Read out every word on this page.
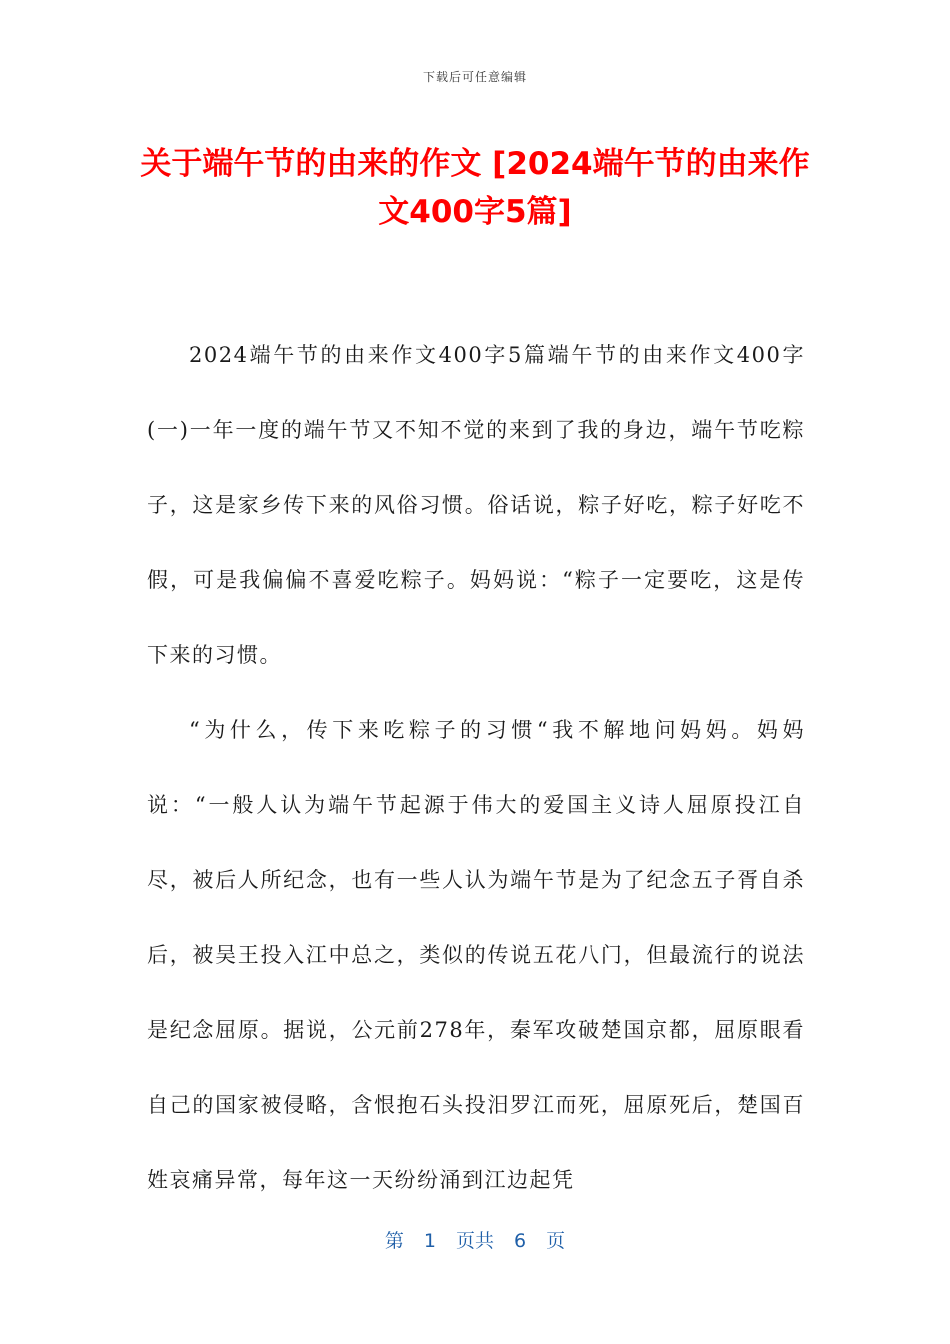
下载后可任意编辑
关于端午节的由来的作文 [2024端午节的由来作文400字5篇]

2024端午节的由来作文400字5篇端午节的由来作文400字(一)一年一度的端午节又不知不觉的来到了我的身边，端午节吃粽子，这是家乡传下来的风俗习惯。俗话说，粽子好吃，粽子好吃不假，可是我偏偏不喜爱吃粽子。妈妈说：“粽子一定要吃，这是传下来的习惯。

“为什么，传下来吃粽子的习惯“我不解地问妈妈。妈妈说：“一般人认为端午节起源于伟大的爱国主义诗人屈原投江自尽，被后人所纪念，也有一些人认为端午节是为了纪念五子胥自杀后，被吴王投入江中总之，类似的传说五花八门，但最流行的说法是纪念屈原。据说，公元前278年，秦军攻破楚国京都，屈原眼看自己的国家被侵略，含恨抱石头投汨罗江而死，屈原死后，楚国百姓哀痛异常，每年这一天纷纷涌到江边起凭

第 1 页共 6 页
